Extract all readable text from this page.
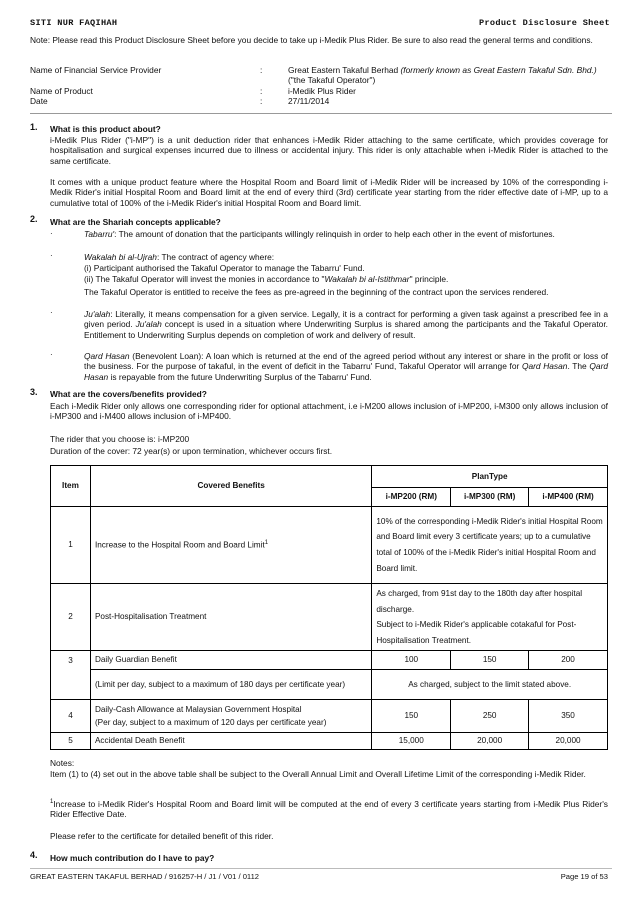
SITI NUR FAQIHAH	Product Disclosure Sheet
Note: Please read this Product Disclosure Sheet before you decide to take up i-Medik Plus Rider. Be sure to also read the general terms and conditions.
Name of Financial Service Provider	:	Great Eastern Takaful Berhad (formerly known as Great Eastern Takaful Sdn. Bhd.) ("the Takaful Operator")
Name of Product	:	i-Medik Plus Rider
Date	:	27/11/2014
1. What is this product about?
i-Medik Plus Rider ("i-MP") is a unit deduction rider that enhances i-Medik Rider attaching to the same certificate, which provides coverage for hospitalisation and surgical expenses incurred due to illness or accidental injury. This rider is only attachable when i-Medik Rider is attached to the same certificate.
It comes with a unique product feature where the Hospital Room and Board limit of i-Medik Rider will be increased by 10% of the corresponding i-Medik Rider's initial Hospital Room and Board limit at the end of every third (3rd) certificate year starting from the rider effective date of i-MP, up to a cumulative total of 100% of the i-Medik Rider's initial Hospital Room and Board limit.
2. What are the Shariah concepts applicable?
·	Tabarru': The amount of donation that the participants willingly relinquish in order to help each other in the event of misfortunes.
·	Wakalah bi al-Ujrah: The contract of agency where:
(i) Participant authorised the Takaful Operator to manage the Tabarru' Fund.
(ii) The Takaful Operator will invest the monies in accordance to "Wakalah bi al-Istithmar" principle.
The Takaful Operator is entitled to receive the fees as pre-agreed in the beginning of the contract upon the services rendered.
·	Ju'alah: Literally, it means compensation for a given service. Legally, it is a contract for performing a given task against a prescribed fee in a given period. Ju'alah concept is used in a situation where Underwriting Surplus is shared among the participants and the Takaful Operator. Entitlement to Underwriting Surplus depends on completion of work and delivery of result.
·	Qard Hasan (Benevolent Loan): A loan which is returned at the end of the agreed period without any interest or share in the profit or loss of the business. For the purpose of takaful, in the event of deficit in the Tabarru' Fund, Takaful Operator will arrange for Qard Hasan. The Qard Hasan is repayable from the future Underwriting Surplus of the Tabarru' Fund.
3. What are the covers/benefits provided?
Each i-Medik Rider only allows one corresponding rider for optional attachment, i.e i-M200 allows inclusion of i-MP200, i-M300 only allows inclusion of i-MP300 and i-M400 allows inclusion of i-MP400.
The rider that you choose is: i-MP200
Duration of the cover: 72 year(s) or upon termination, whichever occurs first.
Item	Covered Benefits	PlanType		
		i-MP200 (RM)	i-MP300 (RM)	i-MP400 (RM)
1	Increase to the Hospital Room and Board Limit$^1$	10% of the corresponding i-Medik Rider's initial Hospital Room and Board limit every 3 certificate years; up to a cumulative total of 100% of the i-Medik Rider's initial Hospital Room and Board limit.		
2	Post-Hospitalisation Treatment	As charged, from 91st day to the 180th day after hospital discharge.
Subject to i-Medik Rider's applicable cotakaful for Post-Hospitalisation Treatment.		

3	Daily Guardian Benefit	100	150	200
	(Limit per day, subject to a maximum of 180 days per certificate year)	As charged, subject to the limit stated above.		
4	Daily-Cash Allowance at Malaysian Government Hospital
(Per day, subject to a maximum of 120 days per certificate year)	150	250	350
5	Accidental Death Benefit	15,000	20,000	20,000
Notes:
Item (1) to (4) set out in the above table shall be subject to the Overall Annual Limit and Overall Lifetime Limit of the corresponding i-Medik Rider.
$^1$Increase to i-Medik Rider's Hospital Room and Board limit will be computed at the end of every 3 certificate years starting from i-Medik Plus Rider's Rider Effective Date.
Please refer to the certificate for detailed benefit of this rider.
4. How much contribution do I have to pay?
GREAT EASTERN TAKAFUL BERHAD / 916257-H / J1 / V01 / 0112	Page 19 of 53
